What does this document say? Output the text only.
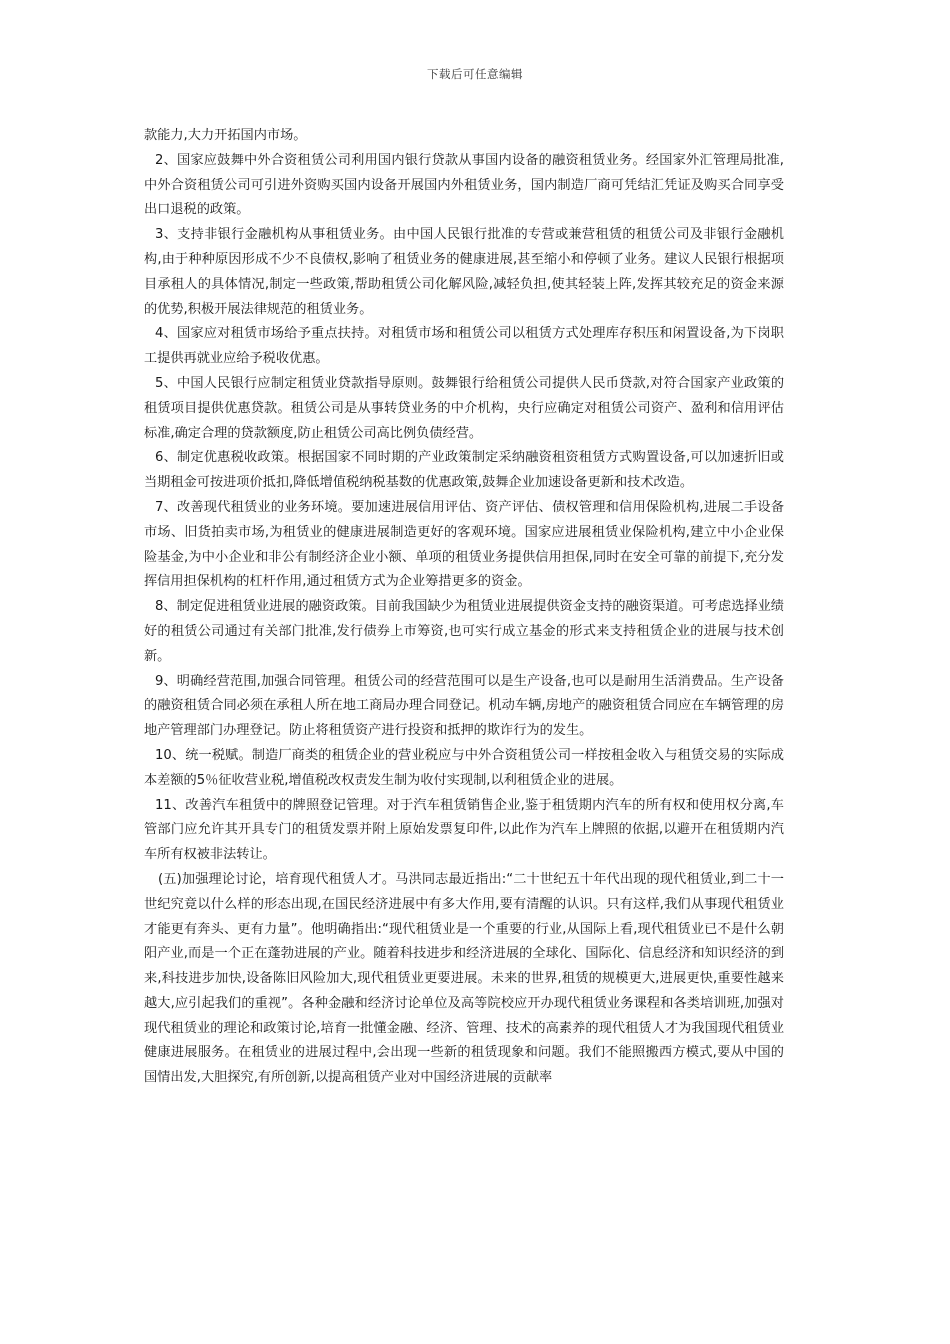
下载后可任意编辑

款能力,大力开拓国内市场。

2、国家应鼓舞中外合资租赁公司利用国内银行贷款从事国内设备的融资租赁业务。经国家外汇管理局批准,中外合资租赁公司可引进外资购买国内设备开展国内外租赁业务，国内制造厂商可凭结汇凭证及购买合同享受出口退税的政策。

3、支持非银行金融机构从事租赁业务。由中国人民银行批准的专营或兼营租赁的租赁公司及非银行金融机构,由于种种原因形成不少不良债权,影响了租赁业务的健康进展,甚至缩小和停顿了业务。建议人民银行根据项目承租人的具体情况,制定一些政策,帮助租赁公司化解风险,减轻负担,使其轻装上阵,发挥其较充足的资金来源的优势,积极开展法律规范的租赁业务。

4、国家应对租赁市场给予重点扶持。对租赁市场和租赁公司以租赁方式处理库存积压和闲置设备,为下岗职工提供再就业应给予税收优惠。

5、中国人民银行应制定租赁业贷款指导原则。鼓舞银行给租赁公司提供人民币贷款,对符合国家产业政策的租赁项目提供优惠贷款。租赁公司是从事转贷业务的中介机构，央行应确定对租赁公司资产、盈利和信用评估标准,确定合理的贷款额度,防止租赁公司高比例负债经营。

6、制定优惠税收政策。根据国家不同时期的产业政策制定采纳融资租资租赁方式购置设备,可以加速折旧或当期租金可按进项价抵扣,降低增值税纳税基数的优惠政策,鼓舞企业加速设备更新和技术改造。

7、改善现代租赁业的业务环境。要加速进展信用评估、资产评估、债权管理和信用保险机构,进展二手设备市场、旧货拍卖市场,为租赁业的健康进展制造更好的客观环境。国家应进展租赁业保险机构,建立中小企业保险基金,为中小企业和非公有制经济企业小额、单项的租赁业务提供信用担保,同时在安全可靠的前提下,充分发挥信用担保机构的杠杆作用,通过租赁方式为企业筹措更多的资金。

8、制定促进租赁业进展的融资政策。目前我国缺少为租赁业进展提供资金支持的融资渠道。可考虑选择业绩好的租赁公司通过有关部门批准,发行债券上市筹资,也可实行成立基金的形式来支持租赁企业的进展与技术创新。

9、明确经营范围,加强合同管理。租赁公司的经营范围可以是生产设备,也可以是耐用生活消费品。生产设备的融资租赁合同必须在承租人所在地工商局办理合同登记。机动车辆,房地产的融资租赁合同应在车辆管理的房地产管理部门办理登记。防止将租赁资产进行投资和抵押的欺诈行为的发生。

10、统一税赋。制造厂商类的租赁企业的营业税应与中外合资租赁公司一样按租金收入与租赁交易的实际成本差额的5％征收营业税,增值税改权责发生制为收付实现制,以利租赁企业的进展。

11、改善汽车租赁中的牌照登记管理。对于汽车租赁销售企业,鉴于租赁期内汽车的所有权和使用权分离,车管部门应允许其开具专门的租赁发票并附上原始发票复印件,以此作为汽车上牌照的依据,以避开在租赁期内汽车所有权被非法转让。

(五)加强理论讨论，培育现代租赁人才。马洪同志最近指出:“二十世纪五十年代出现的现代租赁业,到二十一世纪究竟以什么样的形态出现,在国民经济进展中有多大作用,要有清醒的认识。只有这样,我们从事现代租赁业才能更有奔头、更有力量”。他明确指出:“现代租赁业是一个重要的行业,从国际上看,现代租赁业已不是什么朝阳产业,而是一个正在蓬勃进展的产业。随着科技进步和经济进展的全球化、国际化、信息经济和知识经济的到来,科技进步加快,设备陈旧风险加大,现代租赁业更要进展。未来的世界,租赁的规模更大,进展更快,重要性越来越大,应引起我们的重视”。各种金融和经济讨论单位及高等院校应开办现代租赁业务课程和各类培训班,加强对现代租赁业的理论和政策讨论,培育一批懂金融、经济、管理、技术的高素养的现代租赁人才为我国现代租赁业健康进展服务。在租赁业的进展过程中,会出现一些新的租赁现象和问题。我们不能照搬西方模式,要从中国的国情出发,大胆探究,有所创新,以提高租赁产业对中国经济进展的贡献率
